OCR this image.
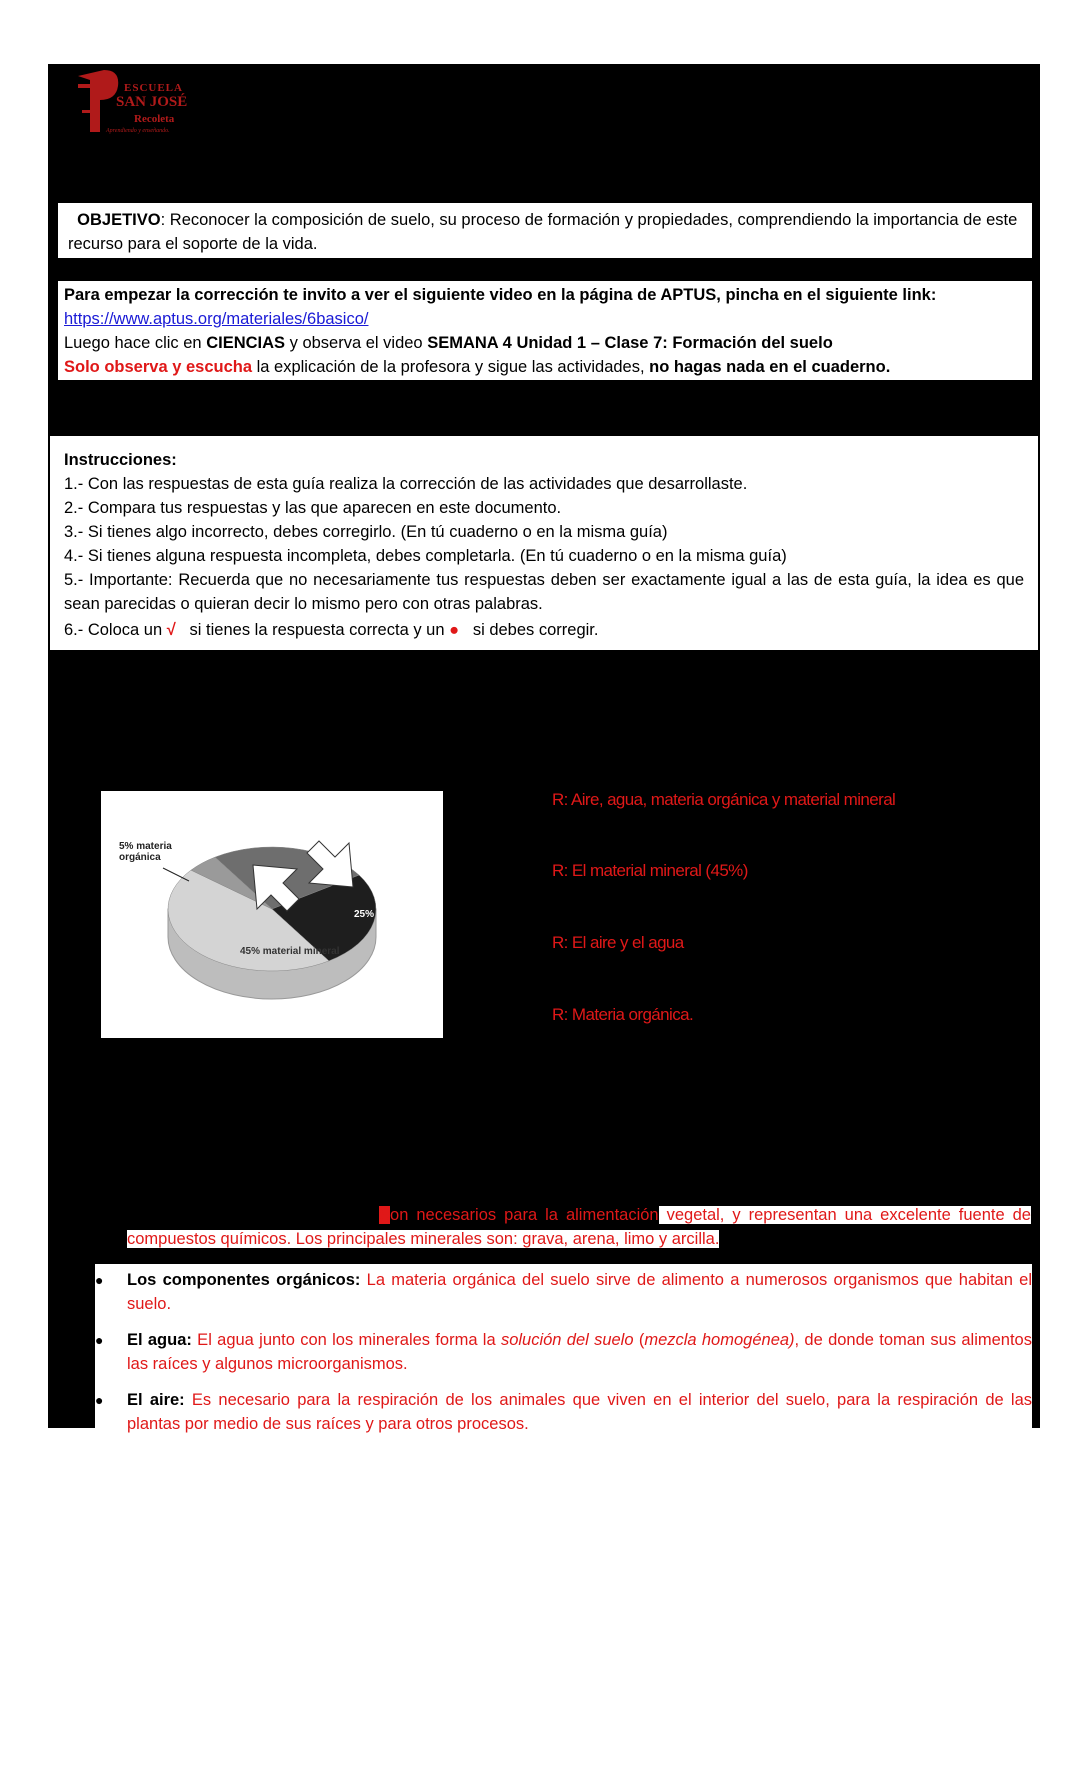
ESCUELA
SAN JOSÉ
Recoleta
Aprendiendo y enseñando.
OBJETIVO: Reconocer la composición de suelo, su proceso de formación y propiedades, comprendiendo la importancia de este recurso para el soporte de la vida.
Para empezar la corrección te invito a ver el siguiente video en la página de APTUS, pincha en el siguiente link:
https://www.aptus.org/materiales/6basico/
Luego hace clic en CIENCIAS y observa el video SEMANA 4 Unidad 1 – Clase 7: Formación del suelo
Solo observa y escucha la explicación de la profesora y sigue las actividades, no hagas nada en el cuaderno.
Instrucciones:
1.- Con las respuestas de esta guía realiza la corrección de las actividades que desarrollaste.
2.- Compara tus respuestas y las que aparecen en este documento.
3.- Si tienes algo incorrecto, debes corregirlo. (En tú cuaderno o en la misma guía)
4.- Si tienes alguna respuesta incompleta, debes completarla. (En tú cuaderno o en la misma guía)
5.- Importante: Recuerda que no necesariamente tus respuestas deben ser exactamente igual a las de esta guía, la idea es que sean parecidas o quieran decir lo mismo pero con otras palabras.
6.- Coloca un √   si tienes la respuesta correcta y un ●   si debes corregir.
45% material mineral
5% materia orgánica
25% aire
25% agua
R: Aire, agua, materia orgánica y material mineral
R: El material mineral (45%)
R: El aire y el agua
R: Materia orgánica.
Son necesarios para la alimentación vegetal, y representan una excelente fuente de compuestos químicos. Los principales minerales son: grava, arena, limo y arcilla.
● Los componentes orgánicos: La materia orgánica del suelo sirve de alimento a numerosos organismos que habitan el suelo.
● El agua: El agua junto con los minerales forma la solución del suelo (mezcla homogénea), de donde toman sus alimentos las raíces y algunos microorganismos.
● El aire: Es necesario para la respiración de los animales que viven en el interior del suelo, para la respiración de las plantas por medio de sus raíces y para otros procesos.
